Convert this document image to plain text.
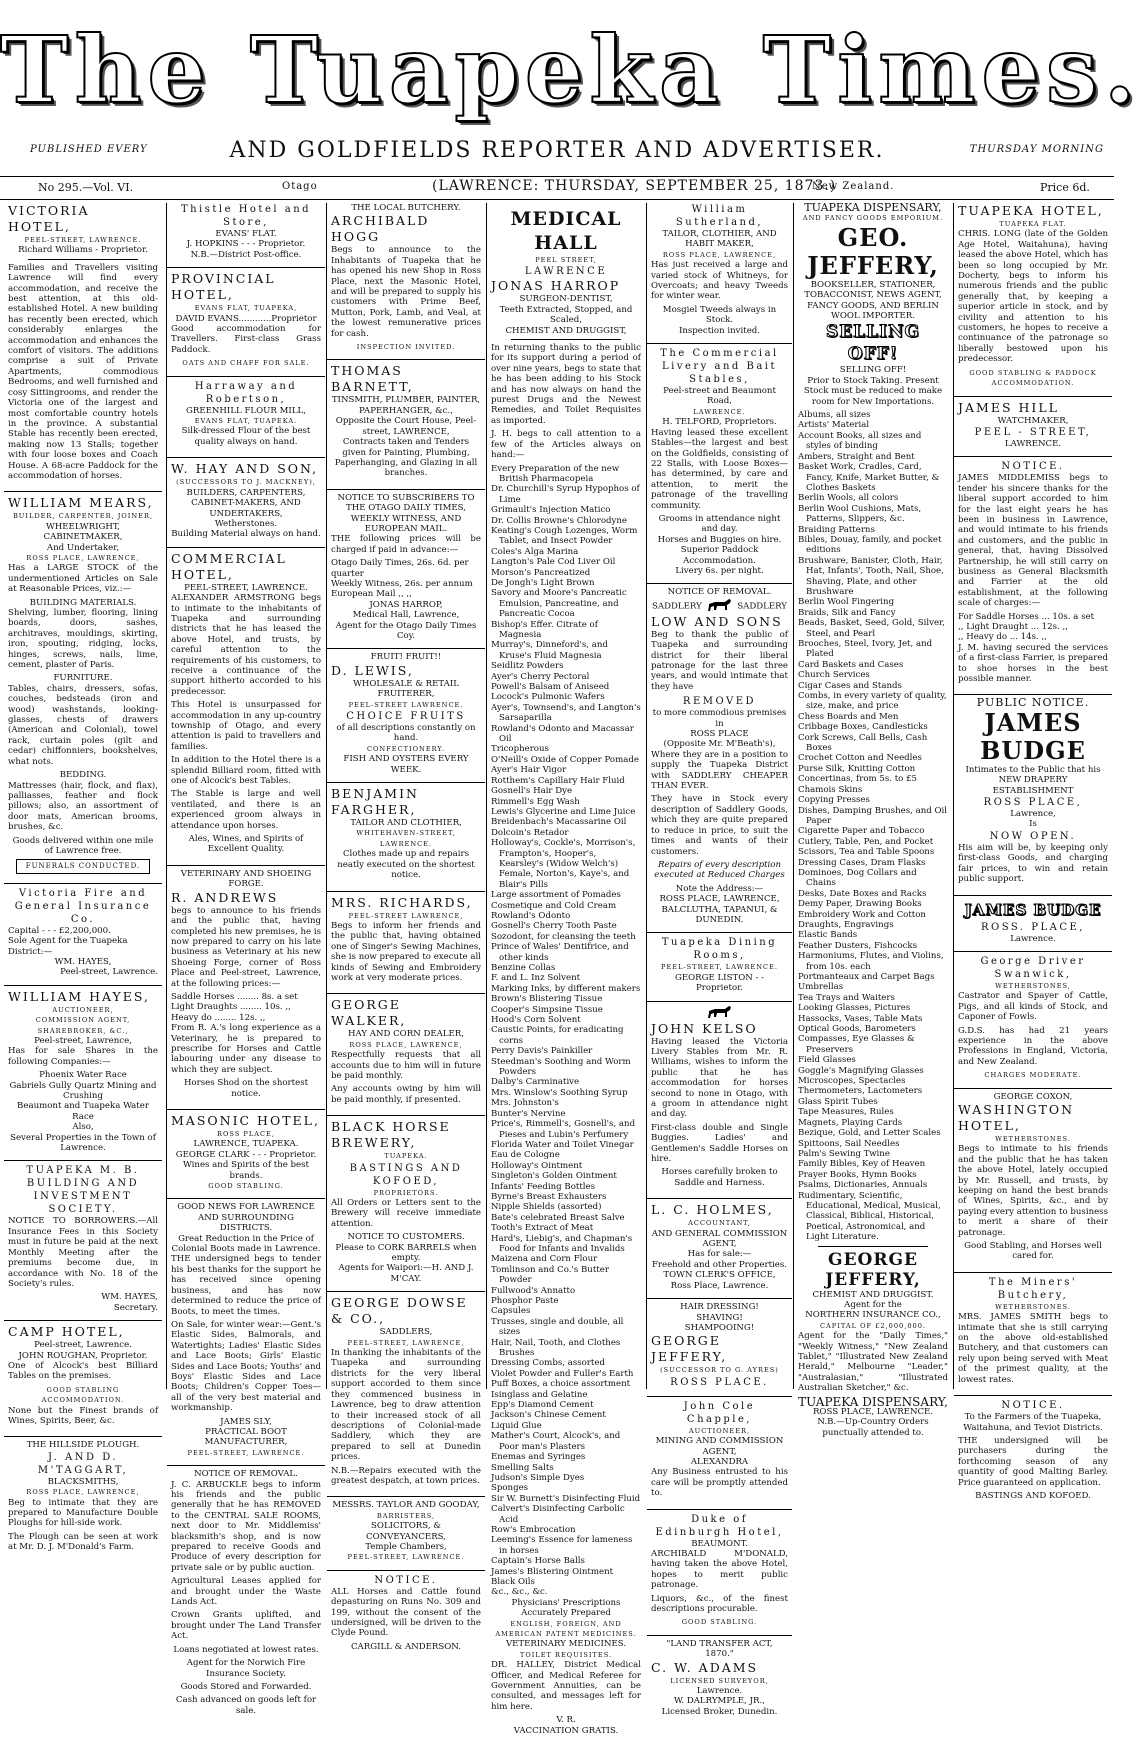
The Tuapeka Times.
PUBLISHED EVERY	AND GOLDFIELDS REPORTER AND ADVERTISER.	THURSDAY MORNING
No 295.—Vol. VI.	Otago	(LAWRENCE: THURSDAY, SEPTEMBER 25, 1873.)
New Zealand.	Price 6d.
VICTORIA HOTEL,
PEEL-STREET, LAWRENCE.
Richard Williams - Proprietor.

Families and Travellers visiting Lawrence will find every accommodation, and receive the best attention, at this old-established Hotel. A new building has recently been erected, which considerably enlarges the accommodation and enhances the comfort of visitors. The additions comprise a suit of Private Apartments, commodious Bedrooms, and well furnished and cosy Sittingrooms, and render the Victoria one of the largest and most comfortable country hotels in the province. A substantial Stable has recently been erected, making now 13 Stalls; together with four loose boxes and Coach House. A 68-acre Paddock for the accommodation of horses.

WILLIAM MEARS,
BUILDER, CARPENTER, JOINER,
WHEELWRIGHT, CABINETMAKER,
And Undertaker,
ROSS PLACE, LAWRENCE,

Has a LARGE STOCK of the undermentioned Articles on Sale at Reasonable Prices, viz.:—

BUILDING MATERIALS.

Shelving, lumber, flooring, lining boards, doors, sashes, architraves, mouldings, skirting, iron, spouting, ridging, locks, hinges, screws, nails, lime, cement, plaster of Paris.

FURNITURE.

Tables, chairs, dressers, sofas, couches, bedsteads (iron and wood) washstands, looking-glasses, chests of drawers (American and Colonial), towel rack, curtain poles (gilt and cedar) chiffonniers, bookshelves, what nots.

BEDDING.

Mattresses (hair, flock, and flax), palliasses, feather and flock pillows; also, an assortment of door mats, American brooms, brushes, &c.

Goods delivered within one mile of Lawrence free.

FUNERALS CONDUCTED.
Victoria Fire and General Insurance Co.
Capital - - - £2,200,000.
Sole Agent for the Tuapeka District:—
WM. HAYES,
Peel-street, Lawrence.
WILLIAM HAYES,
AUCTIONEER,
COMMISSION AGENT, SHAREBROKER, &C.,
Peel-street, Lawrence,

Has for sale Shares in the following Companies:—

Phoenix Water Race
Gabriels Gully Quartz Mining and Crushing
Beaumont and Tuapeka Water Race
Also,
Several Properties in the Town of Lawrence.
TUAPEKA M. B. BUILDING AND INVESTMENT SOCIETY.

NOTICE TO BORROWERS.—All Insurance Fees in this Society must in future be paid at the next Monthly Meeting after the premiums become due, in accordance with No. 18 of the Society's rules.

WM. HAYES,
Secretary.
CAMP HOTEL,
Peel-street, Lawrence.
JOHN ROUGHAN, Proprietor.

One of Alcock's best Billiard Tables on the premises.

GOOD STABLING ACCOMMODATION.

None but the Finest brands of Wines, Spirits, Beer, &c.

THE HILLSIDE PLOUGH.
J. AND D. M'TAGGART,
BLACKSMITHS,
ROSS PLACE, LAWRENCE,

Beg to intimate that they are prepared to Manufacture Double Ploughs for hill-side work.

The Plough can be seen at work at Mr. D. J. M'Donald's Farm.

Thistle Hotel and Store,
EVANS' FLAT.
J. HOPKINS - - - Proprietor.
N.B.—District Post-office.
PROVINCIAL HOTEL,
EVANS FLAT, TUAPEKA,
DAVID EVANS............Proprietor

Good accommodation for Travellers. First-class Grass Paddock.

OATS AND CHAFF FOR SALE.
Harraway and Robertson,
GREENHILL FLOUR MILL,
EVANS FLAT, TUAPEKA.

Silk-dressed Flour of the best quality always on hand.

W. HAY AND SON,
(SUCCESSORS TO J. MACKNEY),
BUILDERS, CARPENTERS, CABINET-MAKERS, AND UNDERTAKERS,
Wetherstones.
Building Material always on hand.
COMMERCIAL HOTEL,
PEEL-STREET, LAWRENCE.

ALEXANDER ARMSTRONG begs to intimate to the inhabitants of Tuapeka and surrounding districts that he has leased the above Hotel, and trusts, by careful attention to the requirements of his customers, to receive a continuance of the support hitherto accorded to his predecessor.

This Hotel is unsurpassed for accommodation in any up-country township of Otago, and every attention is paid to travellers and families.

In addition to the Hotel there is a splendid Billiard room, fitted with one of Alcock's best Tables.

The Stable is large and well ventilated, and there is an experienced groom always in attendance upon horses.

Ales, Wines, and Spirits of Excellent Quality.

VETERINARY AND SHOEING FORGE.
R. ANDREWS

begs to announce to his friends and the public that, having completed his new premises, he is now prepared to carry on his late business as Veterinary at his new Shoeing Forge, corner of Ross Place and Peel-street, Lawrence, at the following prices:—

Saddle Horses ........ 8s. a set
Light Draughts ........ 10s. ,,
Heavy do ........ 12s. ,,

From R. A.'s long experience as a Veterinary, he is prepared to prescribe for Horses and Cattle labouring under any disease to which they are subject.

Horses Shod on the shortest notice.

MASONIC HOTEL,
ROSS PLACE,
LAWRENCE, TUAPEKA.
GEORGE CLARK - - - Proprietor.
Wines and Spirits of the best brands.
GOOD STABLING.
GOOD NEWS FOR LAWRENCE AND SURROUNDING DISTRICTS.
Great Reduction in the Price of Colonial Boots made in Lawrence.

THE undersigned begs to tender his best thanks for the support he has received since opening business, and has now determined to reduce the price of Boots, to meet the times.

On Sale, for winter wear:—Gent.'s Elastic Sides, Balmorals, and Watertights; Ladies' Elastic Sides and Lace Boots; Girls' Elastic Sides and Lace Boots; Youths' and Boys' Elastic Sides and Lace Boots; Children's Copper Toes—all of the very best material and workmanship.

JAMES SLY,
PRACTICAL BOOT MANUFACTURER,
PEEL-STREET, LAWRENCE.
NOTICE OF REMOVAL.

J. C. ARBUCKLE begs to inform his friends and the public generally that he has REMOVED to the CENTRAL SALE ROOMS, next door to Mr. Middlemiss' blacksmith's shop, and is now prepared to receive Goods and Produce of every description for private sale or by public auction.

Agricultural Leases applied for and brought under the Waste Lands Act.

Crown Grants uplifted, and brought under The Land Transfer Act.

Loans negotiated at lowest rates.

Agent for the Norwich Fire Insurance Society.

Goods Stored and Forwarded.

Cash advanced on goods left for sale.

THE LOCAL BUTCHERY.
ARCHIBALD HOGG

Begs to announce to the Inhabitants of Tuapeka that he has opened his new Shop in Ross Place, next the Masonic Hotel, and will be prepared to supply his customers with Prime Beef, Mutton, Pork, Lamb, and Veal, at the lowest remunerative prices for cash.

INSPECTION INVITED.
THOMAS BARNETT,
TINSMITH, PLUMBER, PAINTER, PAPERHANGER, &c.,
Opposite the Court House, Peel-street, LAWRENCE,

Contracts taken and Tenders given for Painting, Plumbing, Paperhanging, and Glazing in all branches.

NOTICE TO SUBSCRIBERS TO THE OTAGO DAILY TIMES, WEEKLY WITNESS, AND EUROPEAN MAIL.

THE following prices will be charged if paid in advance:—

Otago Daily Times, 26s. 6d. per quarter
Weekly Witness, 26s. per annum
European Mail ,, ,,
JONAS HARROP,
Medical Hall, Lawrence,
Agent for the Otago Daily Times Coy.
FRUIT! FRUIT!!
D. LEWIS,
WHOLESALE & RETAIL FRUITERER,
PEEL-STREET LAWRENCE.
CHOICE FRUITS
of all descriptions constantly on hand.
CONFECTIONERY.
FISH AND OYSTERS EVERY WEEK.
BENJAMIN FARGHER,
TAILOR AND CLOTHIER,
WHITEHAVEN-STREET, LAWRENCE.

Clothes made up and repairs neatly executed on the shortest notice.

MRS. RICHARDS,
PEEL-STREET LAWRENCE,

Begs to inform her friends and the public that, having obtained one of Singer's Sewing Machines, she is now prepared to execute all kinds of Sewing and Embroidery work at very moderate prices.

GEORGE WALKER,
HAY AND CORN DEALER,
ROSS PLACE, LAWRENCE,

Respectfully requests that all accounts due to him will in future be paid monthly.

Any accounts owing by him will be paid monthly, if presented.

BLACK HORSE BREWERY,
TUAPEKA.
BASTINGS AND KOFOED,
PROPRIETORS.

All Orders or Letters sent to the Brewery will receive immediate attention.

NOTICE TO CUSTOMERS.
Please to CORK BARRELS when empty.
Agents for Waipori:—H. AND J. M'CAY.
GEORGE DOWSE & CO.,
SADDLERS,
PEEL-STREET, LAWRENCE,

In thanking the inhabitants of the Tuapeka and surrounding districts for the very liberal support accorded to them since they commenced business in Lawrence, beg to draw attention to their increased stock of all descriptions of Colonial-made Saddlery, which they are prepared to sell at Dunedin prices.

N.B.—Repairs executed with the greatest despatch, at town prices.

MESSRS. TAYLOR AND GOODAY,
BARRISTERS,
SOLICITORS, & CONVEYANCERS,
Temple Chambers,
PEEL-STREET, LAWRENCE.
NOTICE.

ALL Horses and Cattle found depasturing on Runs No. 309 and 199, without the consent of the undersigned, will be driven to the Clyde Pound.

CARGILL & ANDERSON.
MEDICAL HALL
PEEL STREET,
LAWRENCE
JONAS HARROP
SURGEON-DENTIST,
Teeth Extracted, Stopped, and Scaled,
CHEMIST AND DRUGGIST,

In returning thanks to the public for its support during a period of over nine years, begs to state that he has been adding to his Stock and has now always on hand the purest Drugs and the Newest Remedies, and Toilet Requisites as imported.

J. H. begs to call attention to a few of the Articles always on hand:—

Every Preparation of the new British Pharmacopeia
Dr. Churchill's Syrup Hypophos of Lime
Grimault's Injection Matico
Dr. Collis Browne's Chlorodyne
Keating's Cough Lozenges, Worm Tablet, and Insect Powder
Coles's Alga Marina
Langton's Pale Cod Liver Oil
Morson's Pancreatized
De Jongh's Light Brown
Savory and Moore's Pancreatic Emulsion, Pancreatine, and Pancreatic Cocoa
Bishop's Effer. Citrate of Magnesia
Murray's, Dinneford's, and Kruse's Fluid Magnesia
Seidlitz Powders
Ayer's Cherry Pectoral
Powell's Balsam of Aniseed
Locock's Pulmonic Wafers
Ayer's, Townsend's, and Langton's Sarsaparilla
Rowland's Odonto and Macassar Oil
Tricopherous
O'Neill's Oxide of Copper Pomade
Ayer's Hair Vigor
Rotthem's Capillary Hair Fluid
Gosnell's Hair Dye
Rimmell's Egg Wash
Lewis's Glycerine and Lime Juice
Breidenbach's Macassarine Oil
Dolcoin's Retador
Holloway's, Cockle's, Morrison's, Frampton's, Hooper's, Kearsley's (Widow Welch's) Female, Norton's, Kaye's, and Blair's Pills
Large assortment of Pomades
Cosmetique and Cold Cream
Rowland's Odonto
Gosnell's Cherry Tooth Paste
Sozodont, for cleansing the teeth
Prince of Wales' Dentifrice, and other kinds
Benzine Collas
F. and L. Inz Solvent
Marking Inks, by different makers
Brown's Blistering Tissue
Cooper's Simpsine Tissue
Hood's Corn Solvent
Caustic Points, for eradicating corns
Perry Davis's Painkiller
Steedman's Soothing and Worm Powders
Dalby's Carminative
Mrs. Winslow's Soothing Syrup
Mrs. Johnston's
Bunter's Nervine
Price's, Rimmell's, Gosnell's, and Pieses and Lubin's Perfumery
Florida Water and Toilet Vinegar
Eau de Cologne
Holloway's Ointment
Singleton's Golden Ointment
Infants' Feeding Bottles
Byrne's Breast Exhausters
Nipple Shields (assorted)
Bate's celebrated Breast Salve
Tooth's Extract of Meat
Hard's, Liebig's, and Chapman's Food for Infants and Invalids
Maizena and Corn Flour
Tomlinson and Co.'s Butter Powder
Fullwood's Annatto
Phosphor Paste
Capsules
Trusses, single and double, all sizes
Hair, Nail, Tooth, and Clothes Brushes
Dressing Combs, assorted
Violet Powder and Fuller's Earth
Puff Boxes, a choice assortment
Isinglass and Gelatine
Epp's Diamond Cement
Jackson's Chinese Cement
Liquid Glue
Mather's Court, Alcock's, and Poor man's Plasters
Enemas and Syringes
Smelling Salts
Judson's Simple Dyes
Sponges
Sir W. Burnett's Disinfecting Fluid
Calvert's Disinfecting Carbolic Acid
Row's Embrocation
Leeming's Essence for lameness in horses
Captain's Horse Balls
James's Blistering Ointment
Black Oils
&c., &c., &c.
Physicians' Prescriptions Accurately Prepared
ENGLISH, FOREIGN, AND AMERICAN PATENT MEDICINES.
VETERINARY MEDICINES.
TOILET REQUISITES.

DR. HALLEY, District Medical Officer, and Medical Referee for Government Annuities, can be consulted, and messages left for him here.

V. R.
VACCINATION GRATIS.
William Sutherland,
TAILOR, CLOTHIER, AND HABIT MAKER,
ROSS PLACE, LAWRENCE,

Has just received a large and varied stock of Whitneys, for Overcoats; and heavy Tweeds for winter wear.

Mosgiel Tweeds always in Stock.
Inspection invited.
The Commercial Livery and Bait Stables,
Peel-street and Beaumont Road,
LAWRENCE.
H. TELFORD, Proprietors.

Having leased these excellent Stables—the largest and best on the Goldfields, consisting of 22 Stalls, with Loose Boxes—has determined, by care and attention, to merit the patronage of the travelling community.

Grooms in attendance night and day.
Horses and Buggies on hire.
Superior Paddock Accommodation.
Livery 6s. per night.
NOTICE OF REMOVAL.
SADDLERY	SADDLERY
LOW AND SONS

Beg to thank the public of Tuapeka and surrounding district for their liberal patronage for the last three years, and would intimate that they have

REMOVED
to more commodious premises in
ROSS PLACE
(Opposite Mr. M'Beath's),

Where they are in a position to supply the Tuapeka District with SADDLERY CHEAPER THAN EVER.

They have in Stock every description of Saddlery Goods, which they are quite prepared to reduce in price, to suit the times and wants of their customers.

Repairs of every description executed at Reduced Charges

Note the Address:—
ROSS PLACE, LAWRENCE,
BALCLUTHA, TAPANUI, & DUNEDIN.
Tuapeka Dining Rooms,
PEEL-STREET, LAWRENCE.
GEORGE LISTON - - Proprietor.
JOHN KELSO

Having leased the Victoria Livery Stables from Mr. R. Williams, wishes to inform the public that he has accommodation for horses second to none in Otago, with a groom in attendance night and day.

First-class double and Single Buggies. Ladies' and Gentlemen's Saddle Horses on hire.

Horses carefully broken to Saddle and Harness.

L. C. HOLMES,
ACCOUNTANT,
AND GENERAL COMMISSION AGENT,
Has for sale:—
Freehold and other Properties.
TOWN CLERK'S OFFICE,
Ross Place, Lawrence.
HAIR DRESSING!
SHAVING!
SHAMPOOING!
GEORGE JEFFERY,
(SUCCESSOR TO G. AYRES)
ROSS PLACE.
John Cole Chapple,
AUCTIONEER,
MINING AND COMMISSION AGENT,
ALEXANDRA

Any Business entrusted to his care will be promptly attended to.

Duke of Edinburgh Hotel,
BEAUMONT.

ARCHIBALD M'DONALD, having taken the above Hotel, hopes to merit public patronage.

Liquors, &c., of the finest descriptions procurable.

GOOD STABLING.
"LAND TRANSFER ACT, 1870."
C. W. ADAMS
LICENSED SURVEYOR,
Lawrence.
W. DALRYMPLE, JR.,
Licensed Broker, Dunedin.
TUAPEKA DISPENSARY,
AND FANCY GOODS EMPORIUM.
GEO. JEFFERY,
BOOKSELLER, STATIONER,
TOBACCONIST, NEWS AGENT,
FANCY GOODS, AND BERLIN
WOOL IMPORTER.
SELLING OFF!
SELLING OFF!

Prior to Stock Taking. Present Stock must be reduced to make room for New Importations.

Albums, all sizes
Artists' Material
Account Books, all sizes and styles of binding
Ambers, Straight and Bent
Basket Work, Cradles, Card, Fancy, Knife, Market Butter, & Clothes Baskets
Berlin Wools, all colors
Berlin Wool Cushions, Mats, Patterns, Slippers, &c.
Braiding Patterns
Bibles, Douay, family, and pocket editions
Brushware, Banister, Cloth, Hair, Hat, Infants', Tooth, Nail, Shoe, Shaving, Plate, and other Brushware
Berlin Wool Fingering
Braids, Silk and Fancy
Beads, Basket, Seed, Gold, Silver, Steel, and Pearl
Brooches, Steel, Ivory, Jet, and Plated
Card Baskets and Cases
Church Services
Cigar Cases and Stands
Combs, in every variety of quality, size, make, and price
Chess Boards and Men
Cribbage Boxes, Candlesticks
Cork Screws, Call Bells, Cash Boxes
Crochet Cotton and Needles
Purse Silk, Knitting Cotton
Concertinas, from 5s. to £5
Chamois Skins
Copying Presses
Dishes, Damping Brushes, and Oil Paper
Cigarette Paper and Tobacco
Cutlery, Table, Pen, and Pocket
Scissors, Tea and Table Spoons
Dressing Cases, Dram Flasks
Dominoes, Dog Collars and Chains
Desks, Date Boxes and Racks
Demy Paper, Drawing Books
Embroidery Work and Cotton
Draughts, Engravings
Elastic Bands
Feather Dusters, Fishcocks
Harmoniums, Flutes, and Violins, from 10s. each
Portmanteaux and Carpet Bags
Umbrellas
Tea Trays and Waiters
Looking Glasses, Pictures
Hassocks, Vases, Table Mats
Optical Goods, Barometers
Compasses, Eye Glasses & Preservers
Field Glasses
Goggle's Magnifying Glasses
Microscopes, Spectacles
Thermometers, Lactometers
Glass Spirit Tubes
Tape Measures, Rules
Magnets, Playing Cards
Bezique, Gold, and Letter Scales
Spittoons, Sail Needles
Palm's Sewing Twine
Family Bibles, Key of Heaven
Prayer Books, Hymn Books
Psalms, Dictionaries, Annuals
Rudimentary, Scientific, Educational, Medical, Musical, Classical, Biblical, Historical, Poetical, Astronomical, and Light Literature.
GEORGE JEFFERY,
CHEMIST AND DRUGGIST.
Agent for the
NORTHERN INSURANCE CO.,
CAPITAL OF £2,000,000.

Agent for the "Daily Times," "Weekly Witness," "New Zealand Tablet," "Illustrated New Zealand Herald," Melbourne "Leader," "Australasian," "Illustrated Australian Sketcher," &c.

TUAPEKA DISPENSARY,
ROSS PLACE, LAWRENCE.
N.B.—Up-Country Orders punctually attended to.
TUAPEKA HOTEL,
TUAPEKA FLAT.

CHRIS. LONG (late of the Golden Age Hotel, Waitahuna), having leased the above Hotel, which has been so long occupied by Mr. Docherty, begs to inform his numerous friends and the public generally that, by keeping a superior article in stock, and by civility and attention to his customers, he hopes to receive a continuance of the patronage so liberally bestowed upon his predecessor.

GOOD STABLING & PADDOCK ACCOMMODATION.
JAMES HILL
WATCHMAKER,
PEEL - STREET,
LAWRENCE.
NOTICE.

JAMES MIDDLEMISS begs to tender his sincere thanks for the liberal support accorded to him for the last eight years he has been in business in Lawrence, and would intimate to his friends and customers, and the public in general, that, having Dissolved Partnership, he will still carry on business as General Blacksmith and Farrier at the old establishment, at the following scale of charges:—

For Saddle Horses ... 10s. a set
,, Light Draught ... 12s. ,,
,, Heavy do ... 14s. ,,

J. M. having secured the services of a first-class Farrier, is prepared to shoe horses in the best possible manner.

PUBLIC NOTICE.
JAMES BUDGE
Intimates to the Public that his
NEW DRAPERY ESTABLISHMENT
ROSS PLACE,
Lawrence,
Is
NOW OPEN.

His aim will be, by keeping only first-class Goods, and charging fair prices, to win and retain public support.

JAMES BUDGE
ROSS. PLACE,
Lawrence.
George Driver Swanwick,
WETHERSTONES,

Castrator and Spayer of Cattle, Pigs, and all kinds of Stock, and Caponer of Fowls.

G.D.S. has had 21 years experience in the above Professions in England, Victoria, and New Zealand.

CHARGES MODERATE.
GEORGE COXON,
WASHINGTON HOTEL,
WETHERSTONES.

Begs to intimate to his friends and the public that he has taken the above Hotel, lately occupied by Mr. Russell, and trusts, by keeping on hand the best brands of Wines, Spirits, &c., and by paying every attention to business to merit a share of their patronage.

Good Stabling, and Horses well cared for.

The Miners' Butchery,
WETHERSTONES.

MRS. JAMES SMITH begs to intimate that she is still carrying on the above old-established Butchery, and that customers can rely upon being served with Meat of the primest quality, at the lowest rates.

NOTICE.

To the Farmers of the Tuapeka, Waitahuna, and Teviot Districts.

THE undersigned will be purchasers during the forthcoming season of any quantity of good Malting Barley. Price guaranteed on application.

BASTINGS AND KOFOED.
